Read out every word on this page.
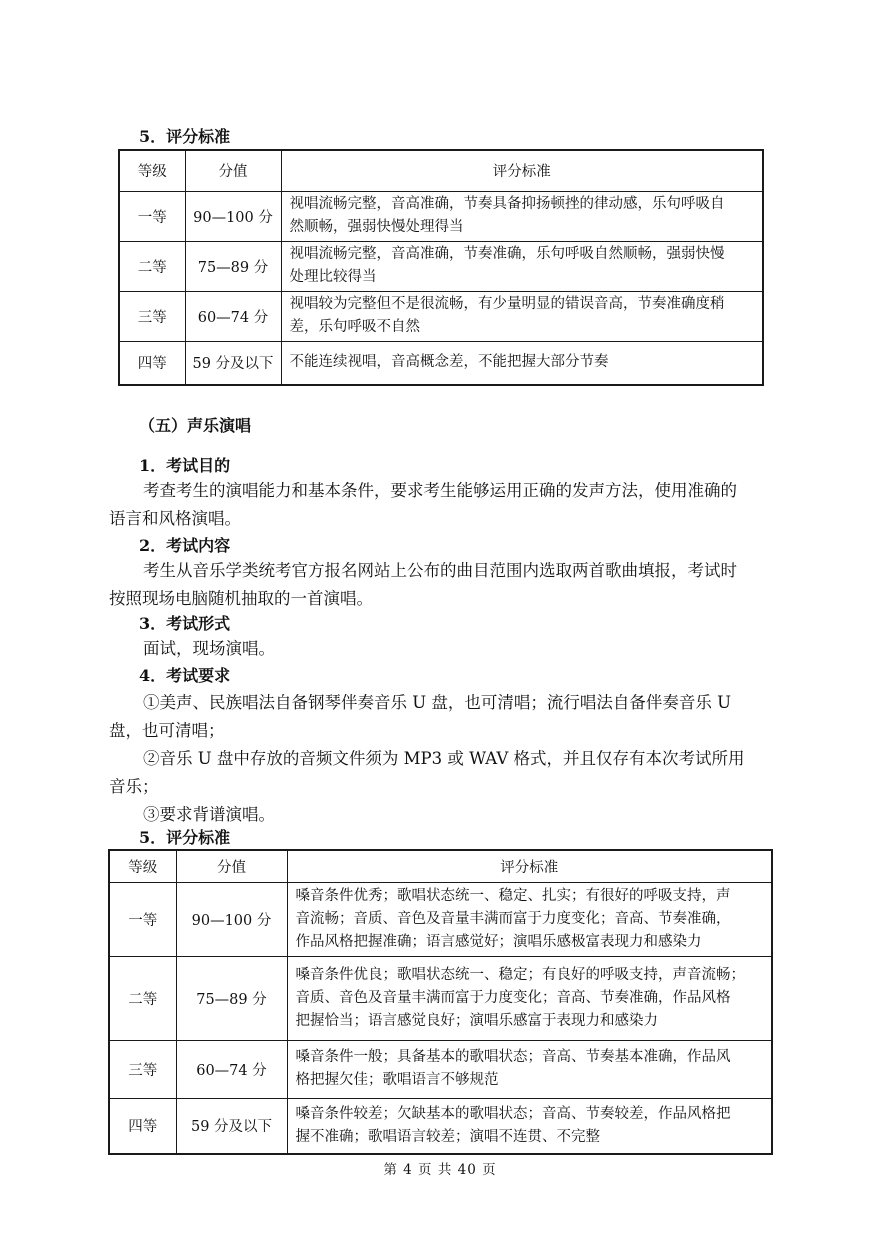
5．评分标准
等级	分值	评分标准
一等	90—100 分	视唱流畅完整，音高准确，节奏具备抑扬顿挫的律动感，乐句呼吸自
然顺畅，强弱快慢处理得当
二等	75—89 分	视唱流畅完整，音高准确，节奏准确，乐句呼吸自然顺畅，强弱快慢
处理比较得当
三等	60—74 分	视唱较为完整但不是很流畅，有少量明显的错误音高，节奏准确度稍
差，乐句呼吸不自然
四等	59 分及以下	不能连续视唱，音高概念差，不能把握大部分节奏
（五）声乐演唱
1．考试目的
考查考生的演唱能力和基本条件，要求考生能够运用正确的发声方法，使用准确的
语言和风格演唱。
2．考试内容
考生从音乐学类统考官方报名网站上公布的曲目范围内选取两首歌曲填报，考试时
按照现场电脑随机抽取的一首演唱。
3．考试形式
面试，现场演唱。
4．考试要求
①美声、民族唱法自备钢琴伴奏音乐 U 盘，也可清唱；流行唱法自备伴奏音乐 U
盘，也可清唱；
②音乐 U 盘中存放的音频文件须为 MP3 或 WAV 格式，并且仅存有本次考试所用
音乐；
③要求背谱演唱。
5．评分标准
等级	分值	评分标准
一等	90—100 分	嗓音条件优秀；歌唱状态统一、稳定、扎实；有很好的呼吸支持，声
音流畅；音质、音色及音量丰满而富于力度变化；音高、节奏准确，
作品风格把握准确；语言感觉好；演唱乐感极富表现力和感染力
二等	75—89 分	嗓音条件优良；歌唱状态统一、稳定；有良好的呼吸支持，声音流畅；
音质、音色及音量丰满而富于力度变化；音高、节奏准确，作品风格
把握恰当；语言感觉良好；演唱乐感富于表现力和感染力
三等	60—74 分	嗓音条件一般；具备基本的歌唱状态；音高、节奏基本准确，作品风
格把握欠佳；歌唱语言不够规范
四等	59 分及以下	嗓音条件较差；欠缺基本的歌唱状态；音高、节奏较差，作品风格把
握不准确；歌唱语言较差；演唱不连贯、不完整
第 4 页 共 40 页
